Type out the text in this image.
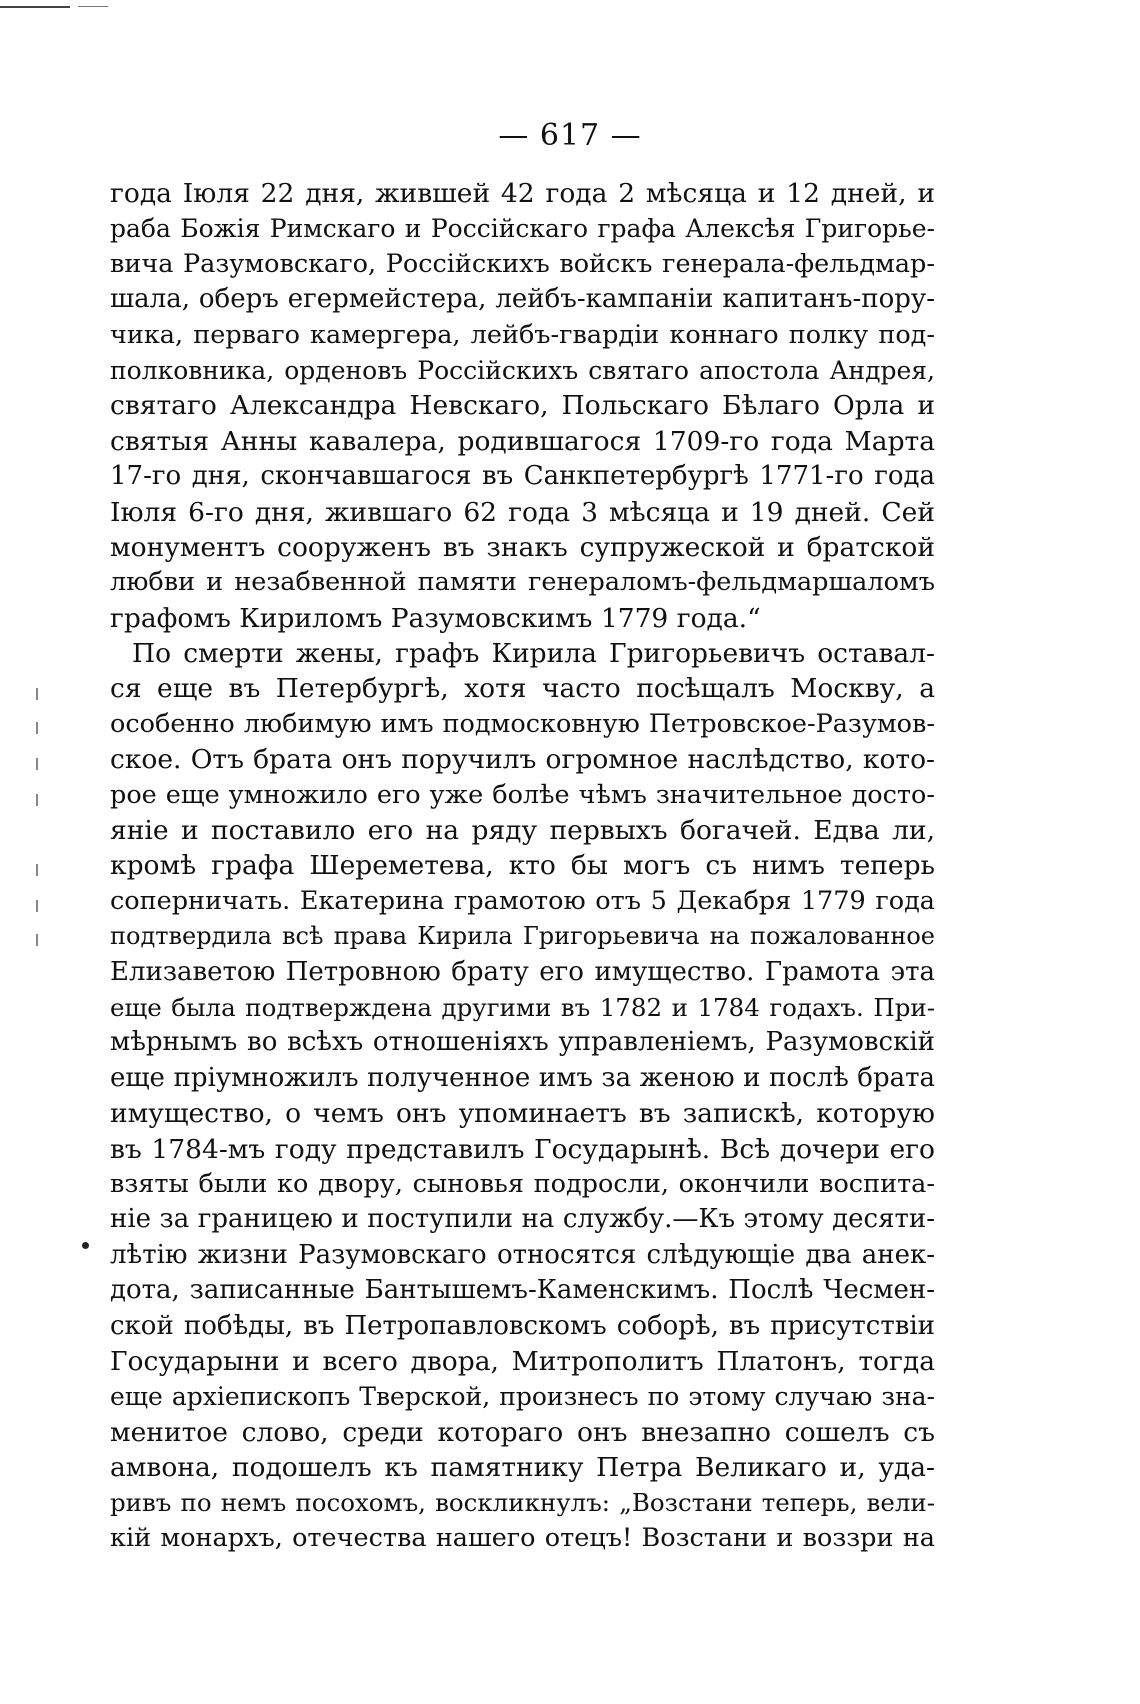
— 617 —
года Іюля 22 дня, жившей 42 года 2 мѣсяца и 12 дней, и
раба Божія Римскаго и Россійскаго графа Алексѣя Григорье-
вича Разумовскаго, Россійскихъ войскъ генерала-фельдмар-
шала, оберъ егермейстера, лейбъ-кампаніи капитанъ-пору-
чика, перваго камергера, лейбъ-гвардіи коннаго полку под-
полковника, орденовъ Россійскихъ святаго апостола Андрея,
святаго Александра Невскаго, Польскаго Бѣлаго Орла и
святыя Анны кавалера, родившагося 1709-го года Марта
17-го дня, скончавшагося въ Санкпетербургѣ 1771-го года
Іюля 6-го дня, жившаго 62 года 3 мѣсяца и 19 дней. Сей
монументъ сооруженъ въ знакъ супружеской и братской
любви и незабвенной памяти генераломъ-фельдмаршаломъ
графомъ Кириломъ Разумовскимъ 1779 года.“
По смерти жены, графъ Кирила Григорьевичъ оставал-
ся еще въ Петербургѣ, хотя часто посѣщалъ Москву, а
особенно любимую имъ подмосковную Петровское-Разумов-
ское. Отъ брата онъ поручилъ огромное наслѣдство, кото-
рое еще умножило его уже болѣе чѣмъ значительное досто-
яніе и поставило его на ряду первыхъ богачей. Едва ли,
кромѣ графа Шереметева, кто бы могъ съ нимъ теперь
соперничать. Екатерина грамотою отъ 5 Декабря 1779 года
подтвердила всѣ права Кирила Григорьевича на пожалованное
Елизаветою Петровною брату его имущество. Грамота эта
еще была подтверждена другими въ 1782 и 1784 годахъ. При-
мѣрнымъ во всѣхъ отношеніяхъ управленіемъ, Разумовскій
еще пріумножилъ полученное имъ за женою и послѣ брата
имущество, о чемъ онъ упоминаетъ въ запискѣ, которую
въ 1784-мъ году представилъ Государынѣ. Всѣ дочери его
взяты были ко двору, сыновья подросли, окончили воспита-
ніе за границею и поступили на службу.—Къ этому десяти-
лѣтію жизни Разумовскаго относятся слѣдующіе два анек-
дота, записанные Бантышемъ-Каменскимъ. Послѣ Чесмен-
ской побѣды, въ Петропавловскомъ соборѣ, въ присутствіи
Государыни и всего двора, Митрополитъ Платонъ, тогда
еще архіепископъ Тверской, произнесъ по этому случаю зна-
менитое слово, среди котораго онъ внезапно сошелъ съ
амвона, подошелъ къ памятнику Петра Великаго и, уда-
ривъ по немъ посохомъ, воскликнулъ: „Возстани теперь, вели-
кій монархъ, отечества нашего отецъ! Возстани и воззри на
